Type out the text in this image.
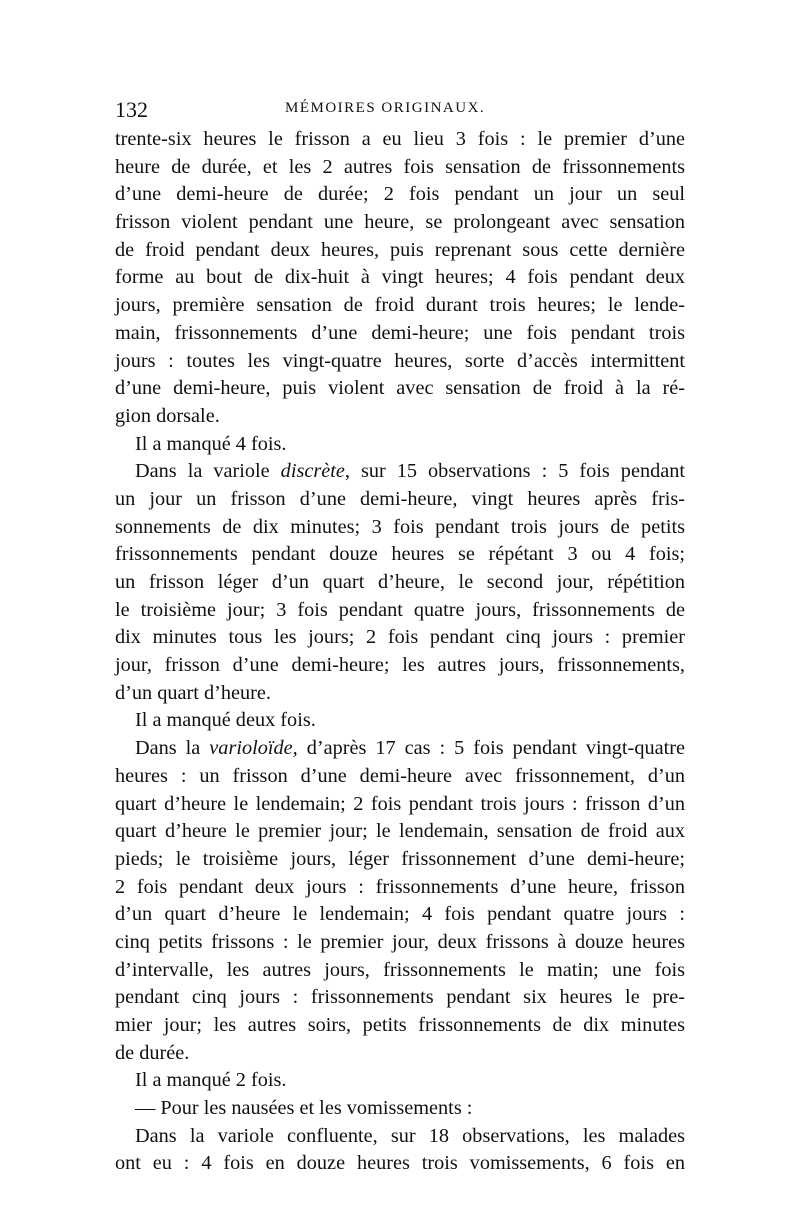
132	MÉMOIRES ORIGINAUX.
trente-six heures le frisson a eu lieu 3 fois : le premier d’une
heure de durée, et les 2 autres fois sensation de frissonnements
d’une demi-heure de durée; 2 fois pendant un jour un seul
frisson violent pendant une heure, se prolongeant avec sensation
de froid pendant deux heures, puis reprenant sous cette dernière
forme au bout de dix-huit à vingt heures; 4 fois pendant deux
jours, première sensation de froid durant trois heures; le lende-
main, frissonnements d’une demi-heure; une fois pendant trois
jours : toutes les vingt-quatre heures, sorte d’accès intermittent
d’une demi-heure, puis violent avec sensation de froid à la ré-
gion dorsale.
Il a manqué 4 fois.
Dans la variole discrète, sur 15 observations : 5 fois pendant
un jour un frisson d’une demi-heure, vingt heures après fris-
sonnements de dix minutes; 3 fois pendant trois jours de petits
frissonnements pendant douze heures se répétant 3 ou 4 fois;
un frisson léger d’un quart d’heure, le second jour, répétition
le troisième jour; 3 fois pendant quatre jours, frissonnements de
dix minutes tous les jours; 2 fois pendant cinq jours : premier
jour, frisson d’une demi-heure; les autres jours, frissonnements,
d’un quart d’heure.
Il a manqué deux fois.
Dans la varioloïde, d’après 17 cas : 5 fois pendant vingt-quatre
heures : un frisson d’une demi-heure avec frissonnement, d’un
quart d’heure le lendemain; 2 fois pendant trois jours : frisson d’un
quart d’heure le premier jour; le lendemain, sensation de froid aux
pieds; le troisième jours, léger frissonnement d’une demi-heure;
2 fois pendant deux jours : frissonnements d’une heure, frisson
d’un quart d’heure le lendemain; 4 fois pendant quatre jours :
cinq petits frissons : le premier jour, deux frissons à douze heures
d’intervalle, les autres jours, frissonnements le matin; une fois
pendant cinq jours : frissonnements pendant six heures le pre-
mier jour; les autres soirs, petits frissonnements de dix minutes
de durée.
Il a manqué 2 fois.
— Pour les nausées et les vomissements :
Dans la variole confluente, sur 18 observations, les malades
ont eu : 4 fois en douze heures trois vomissements, 6 fois en
